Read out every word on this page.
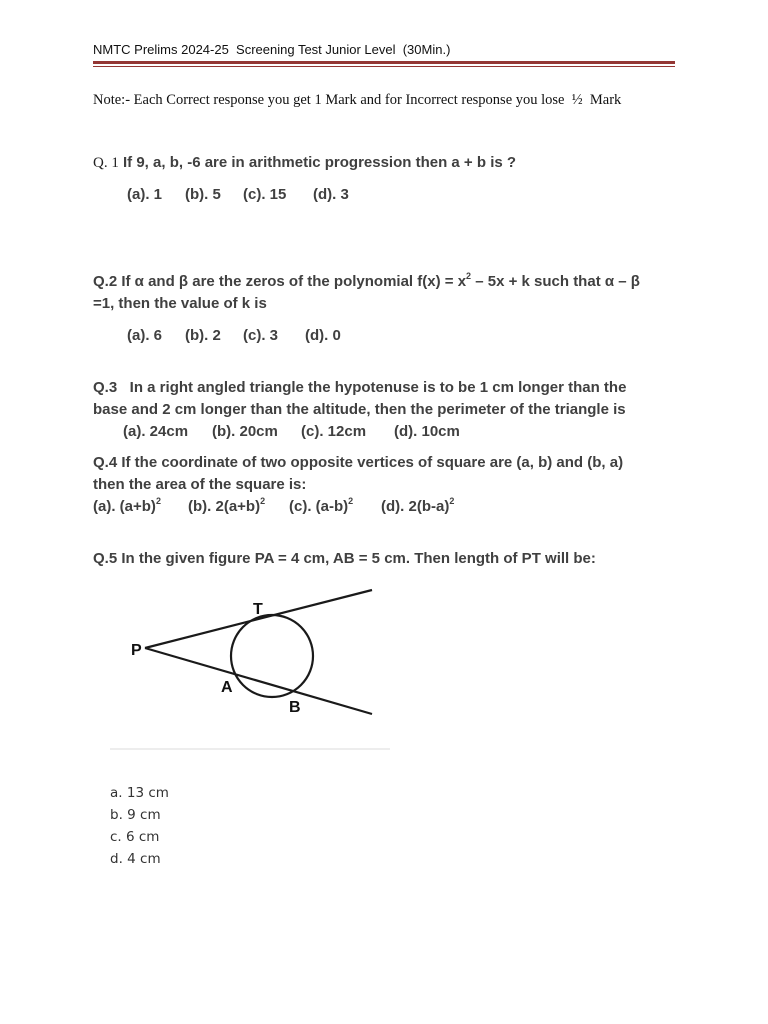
NMTC Prelims 2024-25  Screening Test Junior Level  (30Min.)
Note:- Each Correct response you get 1 Mark and for Incorrect response you lose  ½  Mark
Q. 1 If 9, a, b, -6 are in arithmetic progression then a + b is ?
(a). 1 (b). 5 (c). 15 (d). 3
Q.2 If α and β are the zeros of the polynomial $f(x) = x^2 - 5x + k$ such that α – β
=1, then the value of k is
(a). 6 (b). 2 (c). 3 (d). 0
Q.3   In a right angled triangle the hypotenuse is to be 1 cm longer than the
base and 2 cm longer than the altitude, then the perimeter of the triangle is
(a). 24cm (b). 20cm (c). 12cm (d). 10cm
Q.4 If the coordinate of two opposite vertices of square are (a, b) and (b, a)
then the area of the square is:
(a). $(a+b)^2$ (b). $2(a+b)^2$ (c). $(a-b)^2$ (d). $2(b-a)^2$
Q.5 In the given figure PA = 4 cm, AB = 5 cm. Then length of PT will be:
T
P
A
B
a. 13 cm
b. 9 cm
c. 6 cm
d. 4 cm
